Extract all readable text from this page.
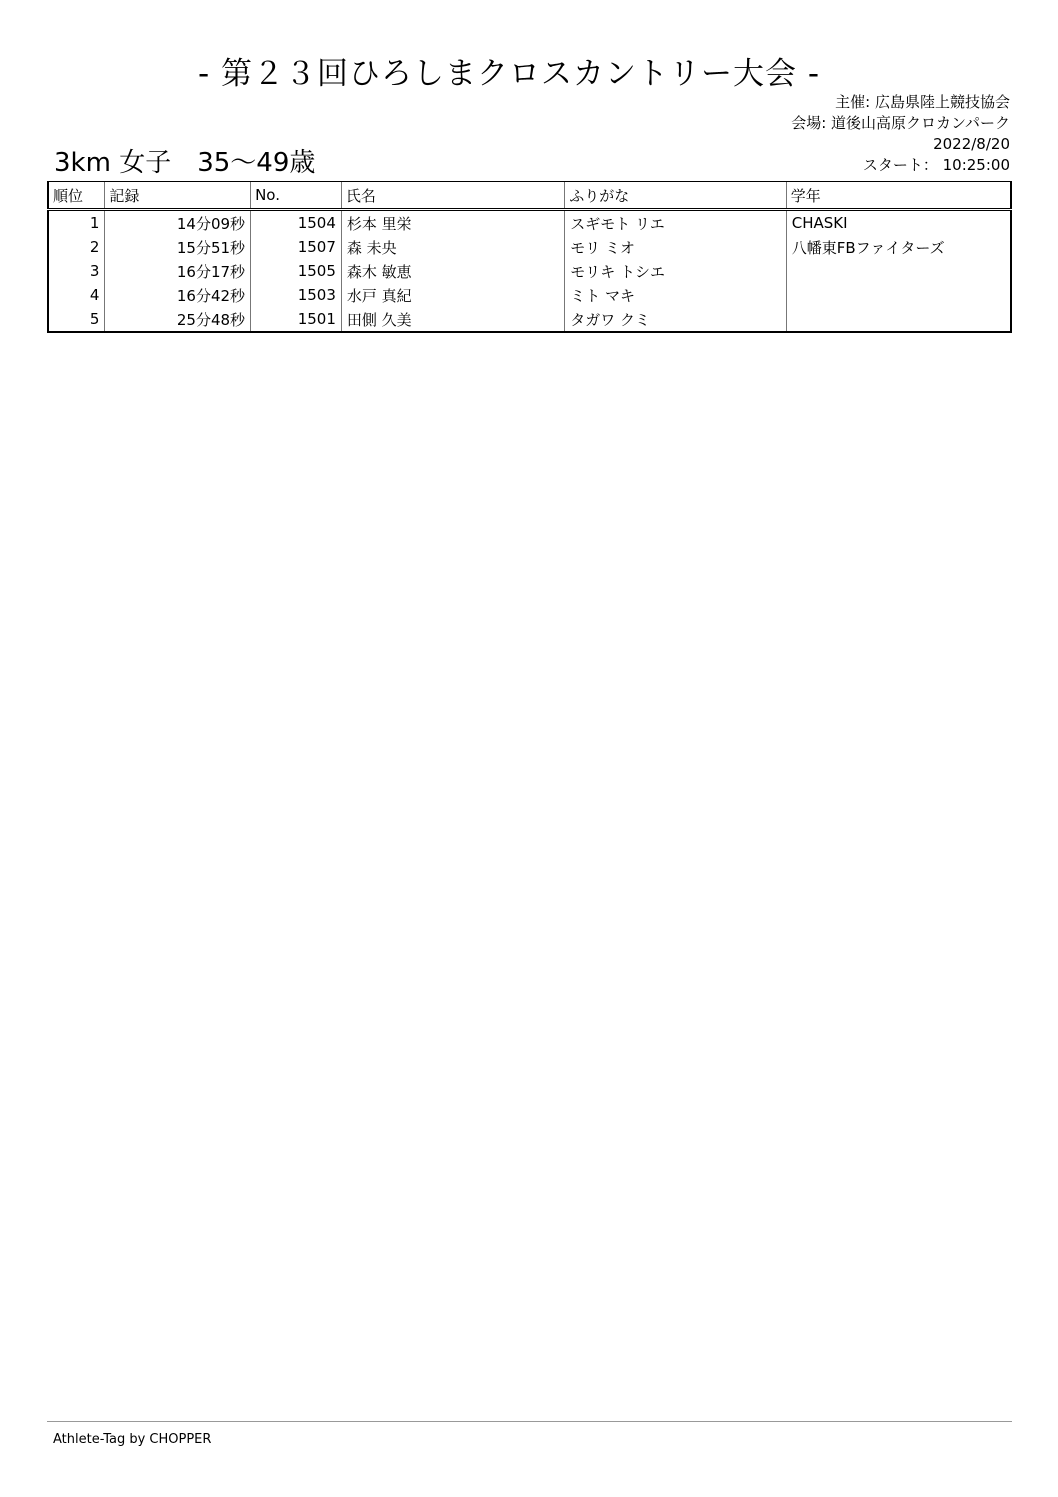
- 第２３回ひろしまクロスカントリー大会 -
主催: 広島県陸上競技協会
会場: 道後山高原クロカンパーク
2022/8/20
スタート： 10:25:00
3km 女子　35～49歳
順位	記録	No.	氏名	ふりがな	学年
1	14分09秒	1504	杉本 里栄	スギモト リエ	CHASKI
2	15分51秒	1507	森 未央	モリ ミオ	八幡東FBファイターズ
3	16分17秒	1505	森木 敏恵	モリキ トシエ	
4	16分42秒	1503	水戸 真紀	ミト マキ	
5	25分48秒	1501	田側 久美	タガワ クミ	
Athlete-Tag by CHOPPER
